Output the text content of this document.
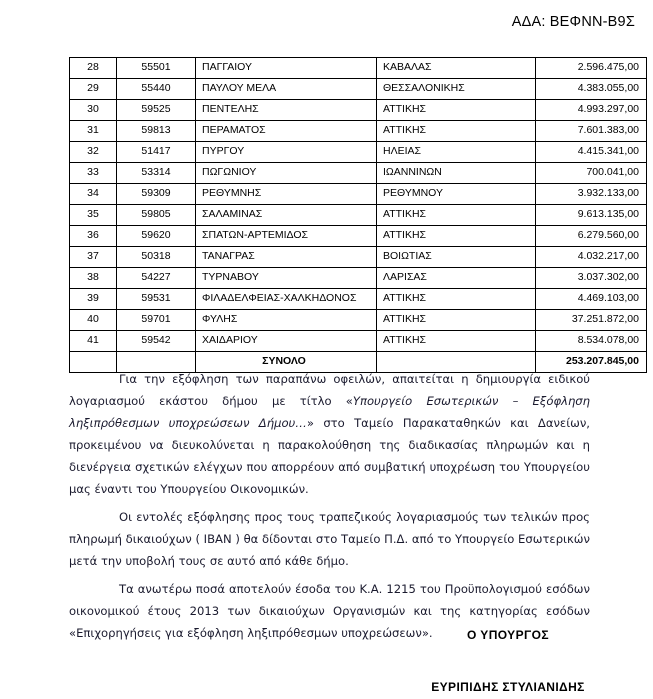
ΑΔΑ: ΒΕΦΝΝ-Β9Σ
28	55501	ΠΑΓΓΑΙΟΥ	ΚΑΒΑΛΑΣ	2.596.475,00
29	55440	ΠΑΥΛΟΥ ΜΕΛΑ	ΘΕΣΣΑΛΟΝΙΚΗΣ	4.383.055,00
30	59525	ΠΕΝΤΕΛΗΣ	ΑΤΤΙΚΗΣ	4.993.297,00
31	59813	ΠΕΡΑΜΑΤΟΣ	ΑΤΤΙΚΗΣ	7.601.383,00
32	51417	ΠΥΡΓΟΥ	ΗΛΕΙΑΣ	4.415.341,00
33	53314	ΠΩΓΩΝΙΟΥ	ΙΩΑΝΝΙΝΩΝ	700.041,00
34	59309	ΡΕΘΥΜΝΗΣ	ΡΕΘΥΜΝΟΥ	3.932.133,00
35	59805	ΣΑΛΑΜΙΝΑΣ	ΑΤΤΙΚΗΣ	9.613.135,00
36	59620	ΣΠΑΤΩΝ-ΑΡΤΕΜΙΔΟΣ	ΑΤΤΙΚΗΣ	6.279.560,00
37	50318	ΤΑΝΑΓΡΑΣ	ΒΟΙΩΤΙΑΣ	4.032.217,00
38	54227	ΤΥΡΝΑΒΟΥ	ΛΑΡΙΣΑΣ	3.037.302,00
39	59531	ΦΙΛΑΔΕΛΦΕΙΑΣ-ΧΑΛΚΗΔΟΝΟΣ	ΑΤΤΙΚΗΣ	4.469.103,00
40	59701	ΦΥΛΗΣ	ΑΤΤΙΚΗΣ	37.251.872,00
41	59542	ΧΑΙΔΑΡΙΟΥ	ΑΤΤΙΚΗΣ	8.534.078,00
		ΣΥΝΟΛΟ		253.207.845,00

Για την εξόφληση των παραπάνω οφειλών, απαιτείται η δημιουργία ειδικού λογαριασμού εκάστου δήμου με τίτλο «Υπουργείο Εσωτερικών – Εξόφληση ληξιπρόθεσμων υποχρεώσεων Δήμου…» στο Ταμείο Παρακαταθηκών και Δανείων, προκειμένου να διευκολύνεται η παρακολούθηση της διαδικασίας πληρωμών και η διενέργεια σχετικών ελέγχων που απορρέουν από συμβατική υποχρέωση του Υπουργείου μας έναντι του Υπουργείου Οικονομικών.

Οι εντολές εξόφλησης προς τους τραπεζικούς λογαριασμούς των τελικών προς πληρωμή δικαιούχων ( IBAN ) θα δίδονται στο Ταμείο Π.Δ. από το Υπουργείο Εσωτερικών μετά την υποβολή τους σε αυτό από κάθε δήμο.

Τα ανωτέρω ποσά αποτελούν έσοδα του Κ.Α. 1215 του Προϋπολογισμού εσόδων οικονομικού έτους 2013 των δικαιούχων Οργανισμών και της κατηγορίας εσόδων «Επιχορηγήσεις για εξόφληση ληξιπρόθεσμων υποχρεώσεων».	Ο ΥΠΟΥΡΓΟΣ

ΕΥΡΙΠΙΔΗΣ ΣΤΥΛΙΑΝΙΔΗΣ
